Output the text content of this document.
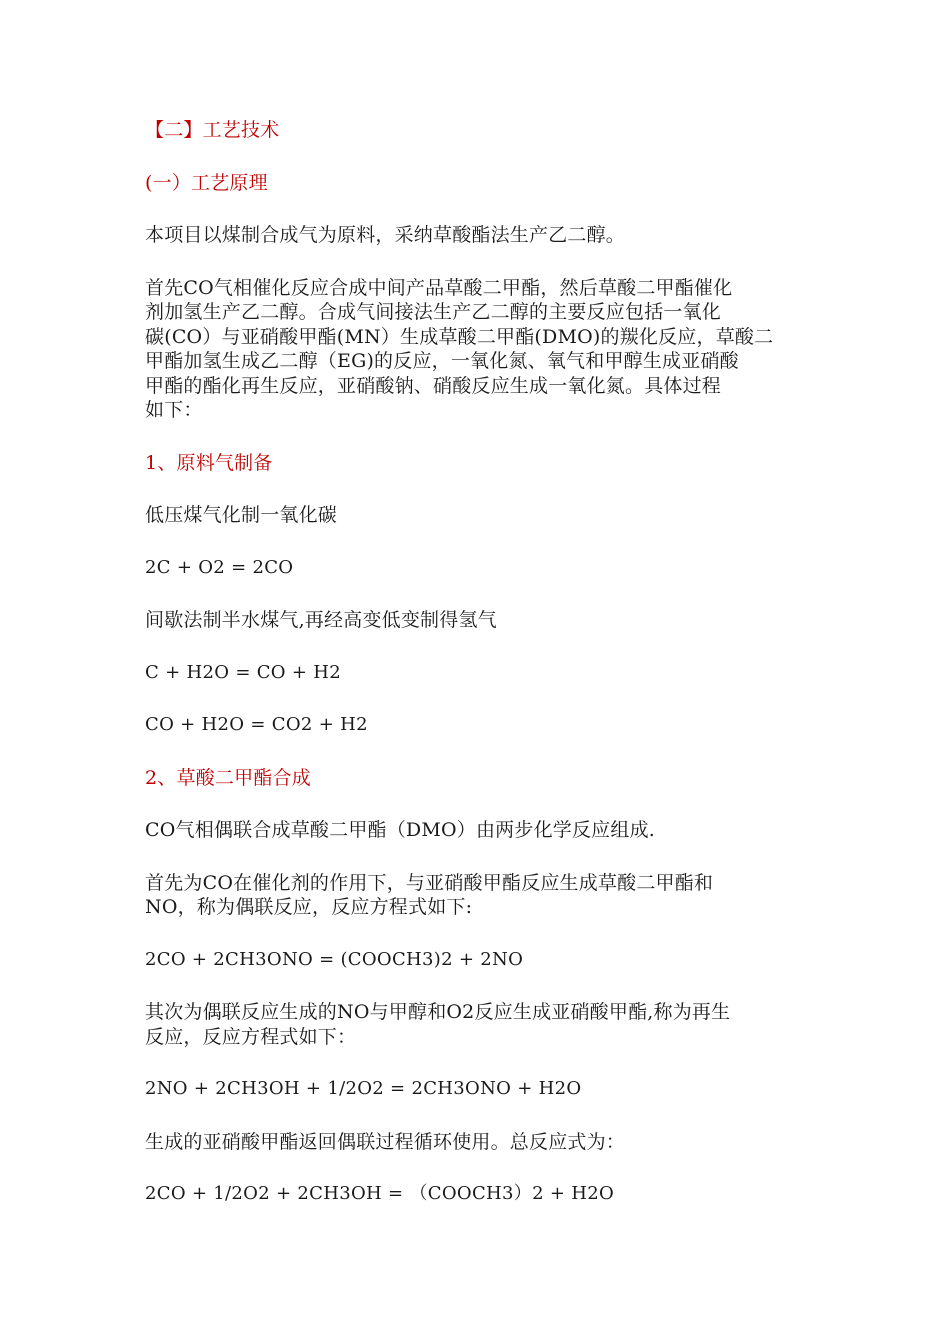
【二】工艺技术

(一）工艺原理

本项目以煤制合成气为原料，采纳草酸酯法生产乙二醇。

首先CO气相催化反应合成中间产品草酸二甲酯，然后草酸二甲酯催化
剂加氢生产乙二醇。合成气间接法生产乙二醇的主要反应包括一氧化
碳(CO）与亚硝酸甲酯(MN）生成草酸二甲酯(DMO)的羰化反应，草酸二
甲酯加氢生成乙二醇（EG)的反应，一氧化氮、氧气和甲醇生成亚硝酸
甲酯的酯化再生反应，亚硝酸钠、硝酸反应生成一氧化氮。具体过程
如下：

1、原料气制备

低压煤气化制一氧化碳

2C + O2 = 2CO

间歇法制半水煤气,再经高变低变制得氢气

C + H2O = CO + H2

CO + H2O = CO2 + H2

2、草酸二甲酯合成

CO气相偶联合成草酸二甲酯（DMO）由两步化学反应组成.

首先为CO在催化剂的作用下，与亚硝酸甲酯反应生成草酸二甲酯和
NO，称为偶联反应，反应方程式如下:

2CO + 2CH3ONO = (COOCH3)2 + 2NO

其次为偶联反应生成的NO与甲醇和O2反应生成亚硝酸甲酯,称为再生
反应，反应方程式如下：

2NO + 2CH3OH + 1/2O2 = 2CH3ONO + H2O

生成的亚硝酸甲酯返回偶联过程循环使用。总反应式为：

2CO + 1/2O2 + 2CH3OH = （COOCH3）2 + H2O
